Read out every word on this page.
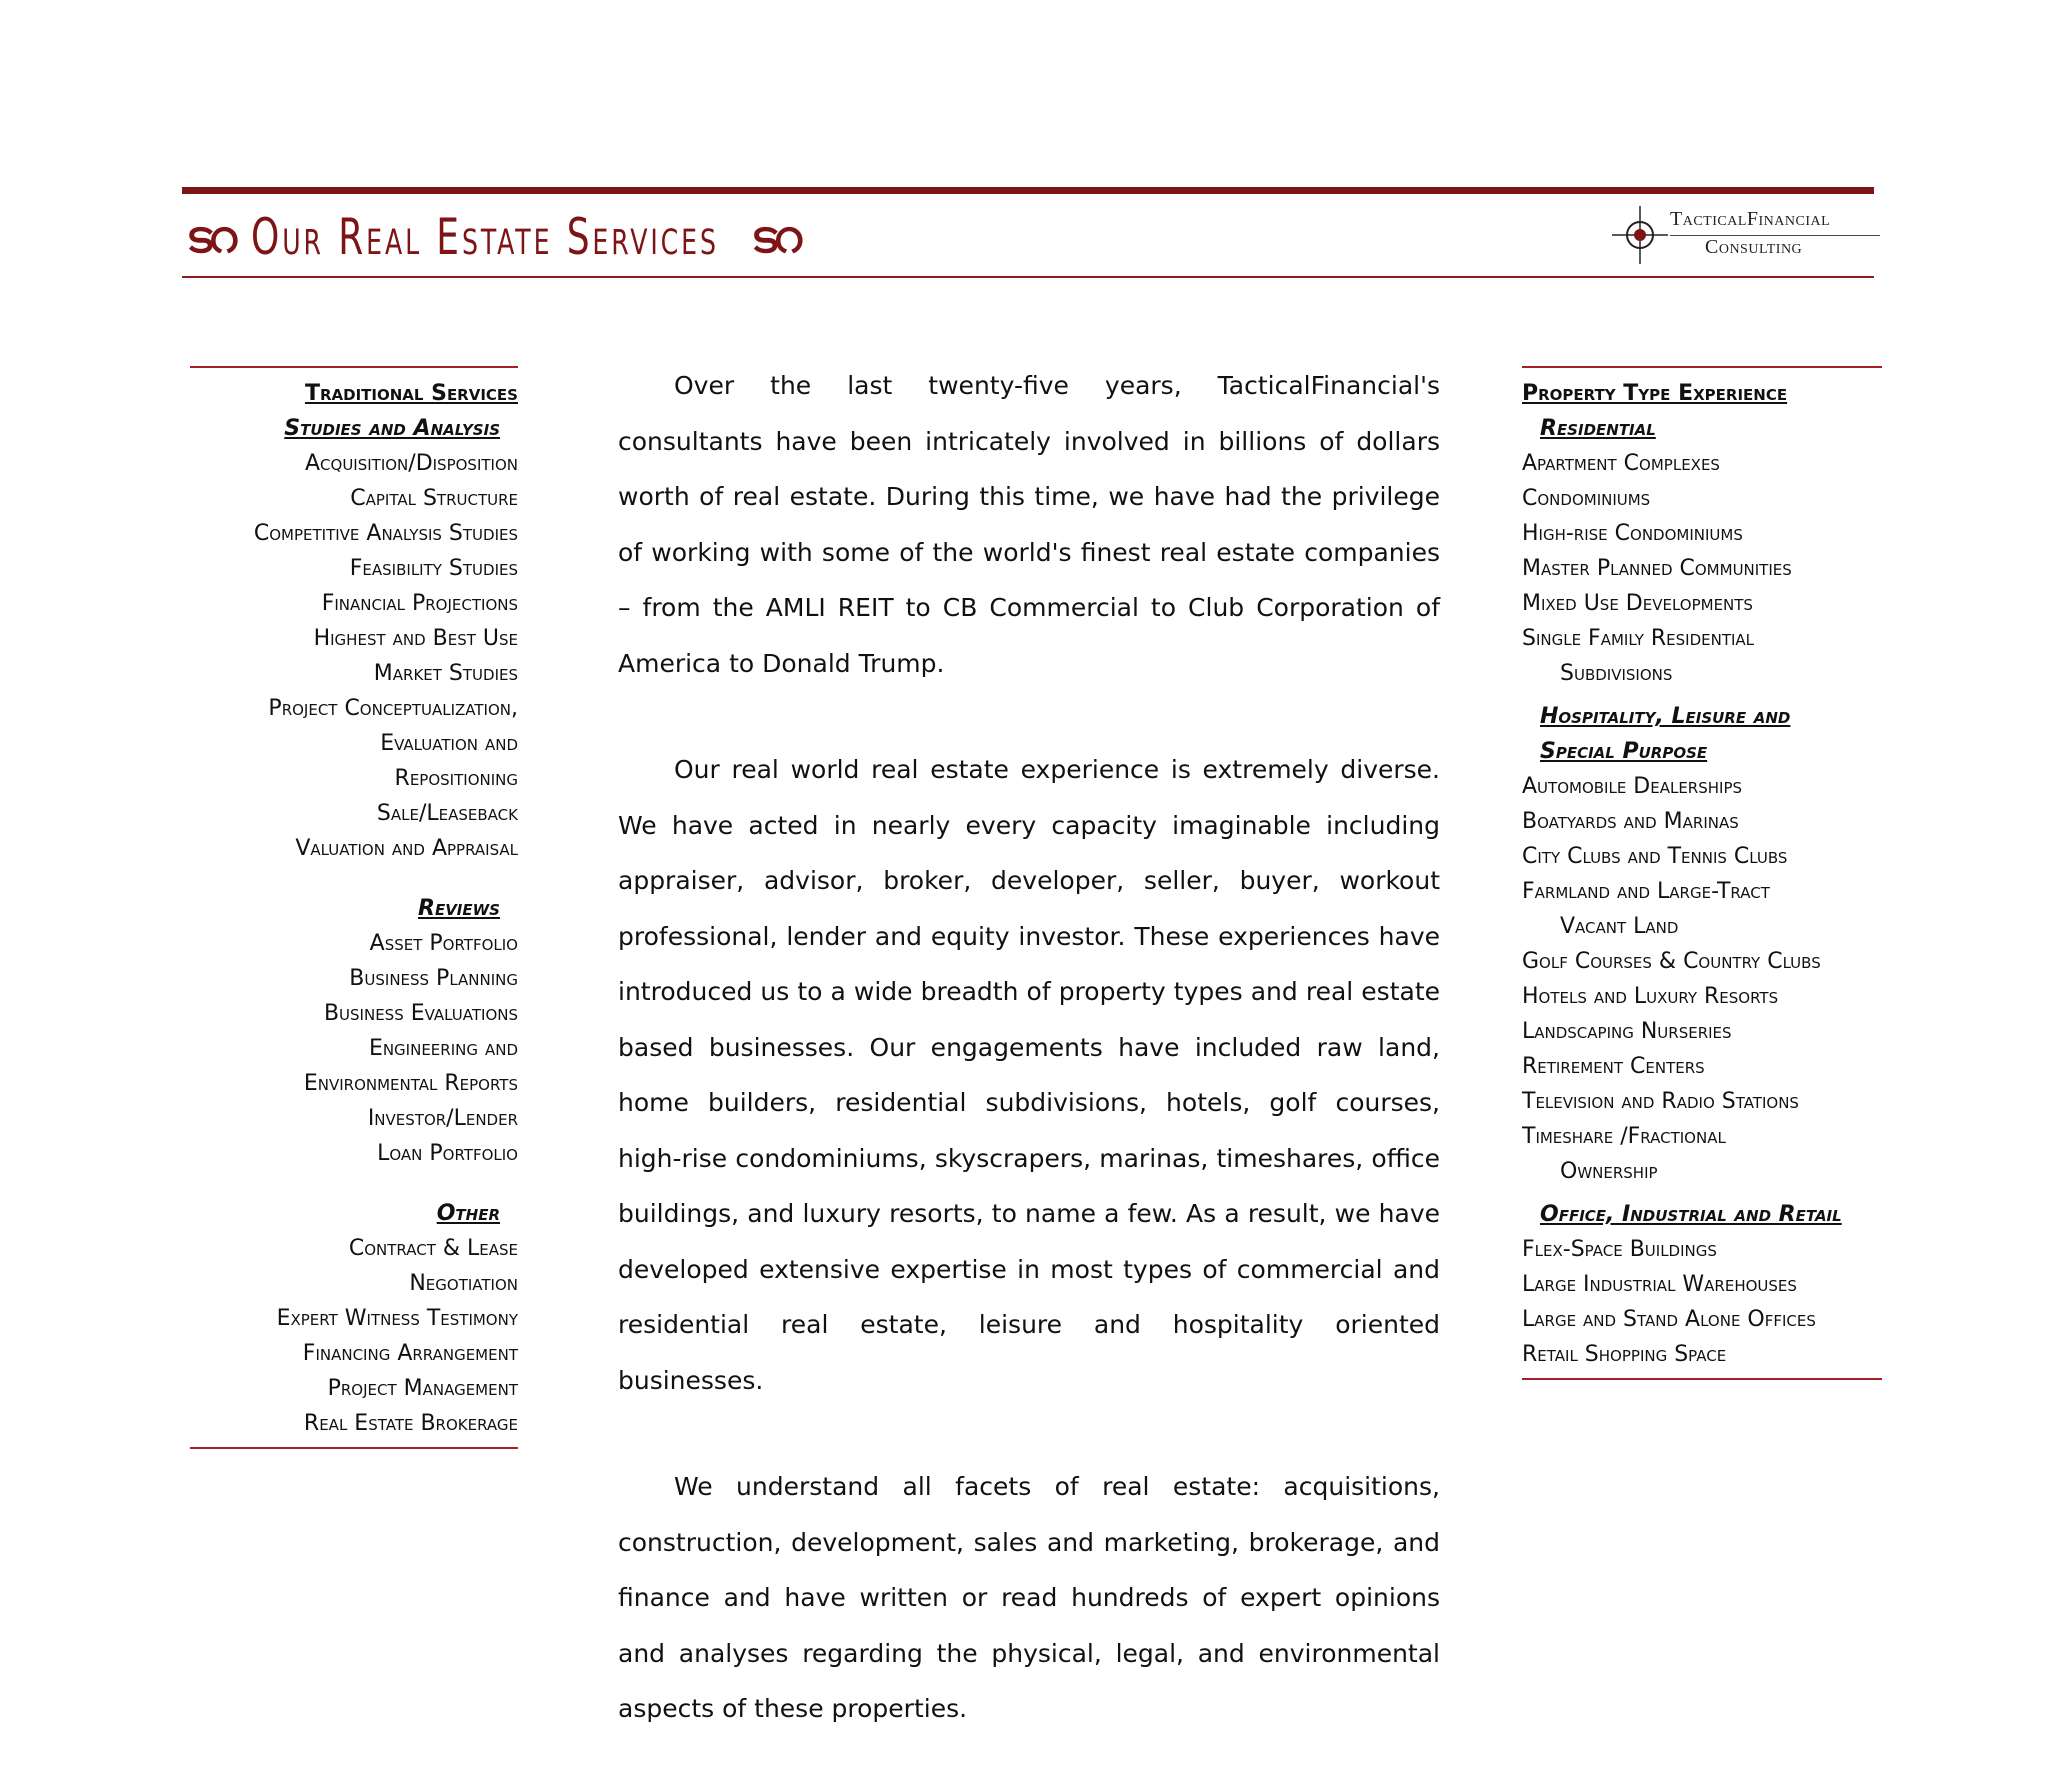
ടറ Our Real Estate Services ടറ	TacticalFinancial
Consulting
Traditional Services
Studies and Analysis
Acquisition/Disposition
Capital Structure
Competitive Analysis Studies
Feasibility Studies
Financial Projections
Highest and Best Use
Market Studies
Project Conceptualization,
Evaluation and
Repositioning
Sale/Leaseback
Valuation and Appraisal
Reviews
Asset Portfolio
Business Planning
Business Evaluations
Engineering and
Environmental Reports
Investor/Lender
Loan Portfolio
Other
Contract & Lease
Negotiation
Expert Witness Testimony
Financing Arrangement
Project Management
Real Estate Brokerage

Over the last twenty-five years, TacticalFinancial's consultants have been intricately involved in billions of dollars worth of real estate. During this time, we have had the privilege of working with some of the world's finest real estate companies – from the AMLI REIT to CB Commercial to Club Corporation of America to Donald Trump.

Our real world real estate experience is extremely diverse. We have acted in nearly every capacity imaginable including appraiser, advisor, broker, developer, seller, buyer, workout professional, lender and equity investor. These experiences have introduced us to a wide breadth of property types and real estate based businesses. Our engagements have included raw land, home builders, residential subdivisions, hotels, golf courses, high-rise condominiums, skyscrapers, marinas, timeshares, office buildings, and luxury resorts, to name a few. As a result, we have developed extensive expertise in most types of commercial and residential real estate, leisure and hospitality oriented businesses.

We understand all facets of real estate: acquisitions, construction, development, sales and marketing, brokerage, and finance and have written or read hundreds of expert opinions and analyses regarding the physical, legal, and environmental aspects of these properties.

Property Type Experience
Residential
Apartment Complexes
Condominiums
High-rise Condominiums
Master Planned Communities
Mixed Use Developments
Single Family Residential
Subdivisions
Hospitality, Leisure and
Special Purpose
Automobile Dealerships
Boatyards and Marinas
City Clubs and Tennis Clubs
Farmland and Large-Tract
Vacant Land
Golf Courses & Country Clubs
Hotels and Luxury Resorts
Landscaping Nurseries
Retirement Centers
Television and Radio Stations
Timeshare /Fractional
Ownership
Office, Industrial and Retail
Flex-Space Buildings
Large Industrial Warehouses
Large and Stand Alone Offices
Retail Shopping Space
